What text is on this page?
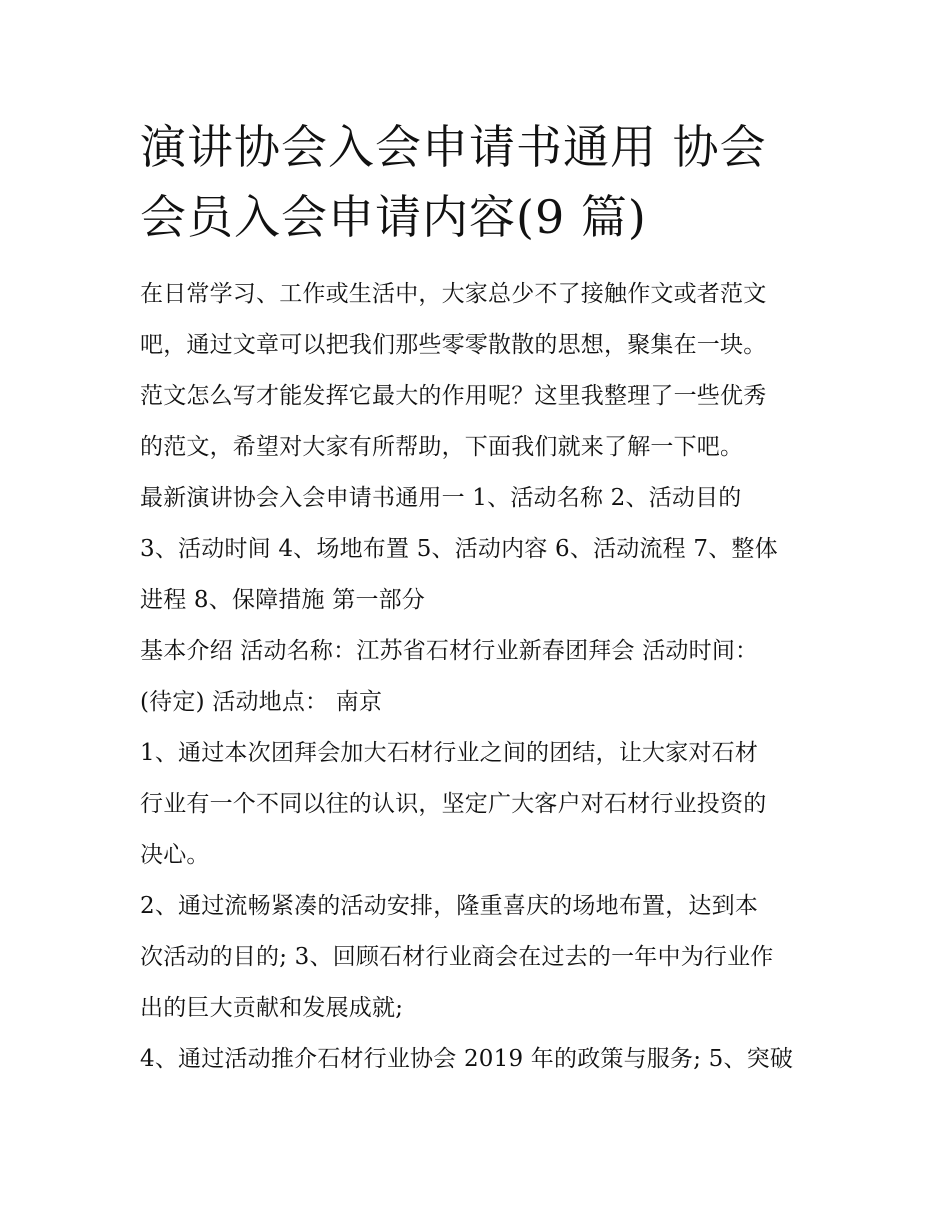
演讲协会入会申请书通用 协会
会员入会申请内容(9 篇)

在日常学习、工作或生活中，大家总少不了接触作文或者范文
吧，通过文章可以把我们那些零零散散的思想，聚集在一块。
范文怎么写才能发挥它最大的作用呢？这里我整理了一些优秀
的范文，希望对大家有所帮助，下面我们就来了解一下吧。

最新演讲协会入会申请书通用一 1、活动名称 2、活动目的
3、活动时间 4、场地布置 5、活动内容 6、活动流程 7、整体
进程 8、保障措施 第一部分

基本介绍 活动名称：江苏省石材行业新春团拜会 活动时间：
(待定) 活动地点： 南京

1、通过本次团拜会加大石材行业之间的团结，让大家对石材
行业有一个不同以往的认识，坚定广大客户对石材行业投资的
决心。

2、通过流畅紧凑的活动安排，隆重喜庆的场地布置，达到本
次活动的目的; 3、回顾石材行业商会在过去的一年中为行业作
出的巨大贡献和发展成就;

4、通过活动推介石材行业协会 2019 年的政策与服务; 5、突破
